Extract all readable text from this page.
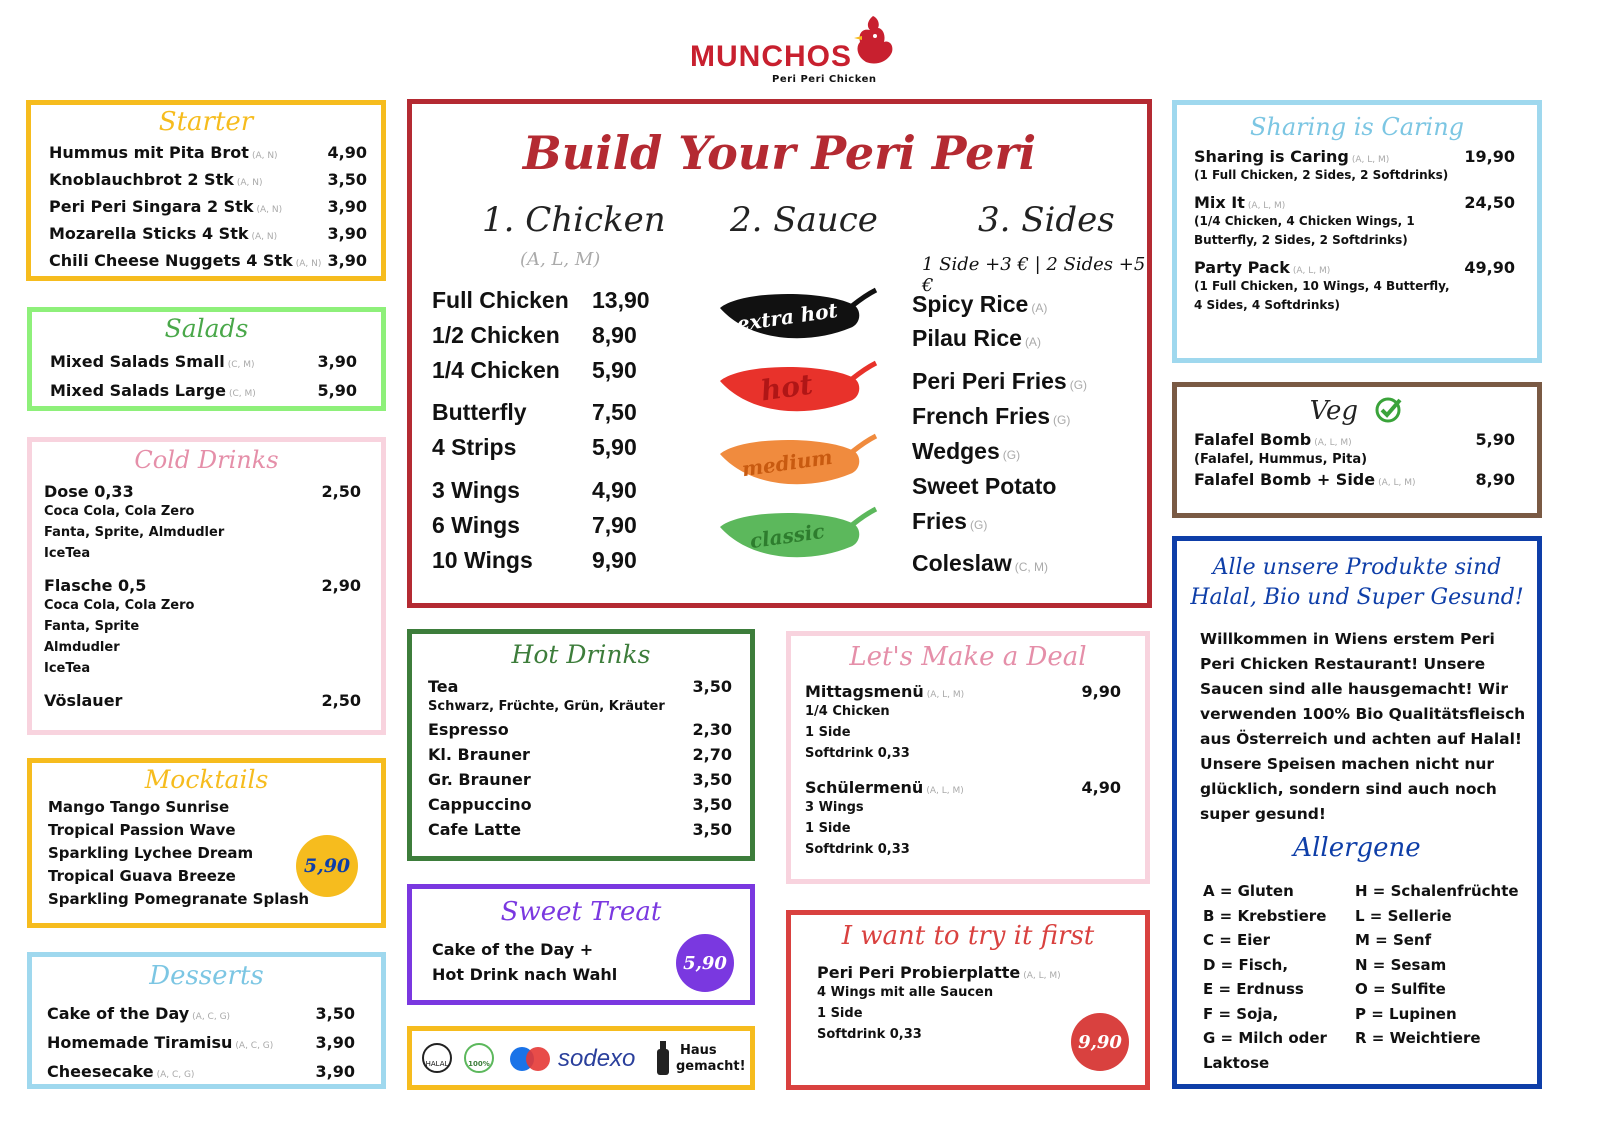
MUNCHOS
Peri Peri Chicken
Starter
Hummus mit Pita Brot (A, N)	4,90
Knoblauchbrot 2 Stk (A, N)	3,50
Peri Peri Singara 2 Stk (A, N)	3,90
Mozarella Sticks 4 Stk (A, N)	3,90
Chili Cheese Nuggets 4 Stk (A, N) 3,90
Salads
Mixed Salads Small (C, M)	3,90
Mixed Salads Large (C, M)	5,90
Cold Drinks
Dose 0,33	2,50
Coca Cola, Cola Zero
Fanta, Sprite, Almdudler
IceTea
Flasche 0,5	2,90
Coca Cola, Cola Zero
Fanta, Sprite
Almdudler
IceTea
Vöslauer	2,50
Mocktails
Mango Tango Sunrise
Tropical Passion Wave
Sparkling Lychee Dream
Tropical Guava Breeze
Sparkling Pomegranate Splash
5,90
Desserts
Cake of the Day (A, C, G)	3,50
Homemade Tiramisu (A, C, G)	3,90
Cheesecake (A, C, G)	3,90
Build Your Peri Peri
1. Chicken
(A, L, M)
Full Chicken 13,90
1/2 Chicken 8,90
1/4 Chicken 5,90
Butterfly	7,50
4 Strips	5,90
3 Wings	4,90
6 Wings	7,90
10 Wings	9,90
2. Sauce
extra hot
hot
medium
classic
3. Sides
1 Side +3 € | 2 Sides +5 €
Spicy Rice (A)
Pilau Rice (A)
Peri Peri Fries (G)
French Fries (G)
Wedges (G)
Sweet Potato
Fries (G)
Coleslaw (C, M)
Hot Drinks
Tea	3,50
Schwarz, Früchte, Grün, Kräuter
Espresso	2,30
Kl. Brauner	2,70
Gr. Brauner	3,50
Cappuccino	3,50
Cafe Latte	3,50
Sweet Treat
Cake of the Day +
Hot Drink nach Wahl
5,90
HALAL	100%	sodexo	Haus
gemacht!
Let's Make a Deal
Mittagsmenü (A, L, M)	9,90
1/4 Chicken
1 Side
Softdrink 0,33
Schülermenü (A, L, M)	4,90
3 Wings
1 Side
Softdrink 0,33
I want to try it first
Peri Peri Probierplatte (A, L, M)
4 Wings mit alle Saucen
1 Side
Softdrink 0,33	9,90
Sharing is Caring
Sharing is Caring (A, L, M)	19,90
(1 Full Chicken, 2 Sides, 2 Softdrinks)
Mix It (A, L, M)	24,50
(1/4 Chicken, 4 Chicken Wings, 1
Butterfly, 2 Sides, 2 Softdrinks)
Party Pack (A, L, M)	49,90
(1 Full Chicken, 10 Wings, 4 Butterfly,
4 Sides, 4 Softdrinks)
Veg
Falafel Bomb (A, L, M)	5,90
(Falafel, Hummus, Pita)
Falafel Bomb + Side (A, L, M)	8,90
Alle unsere Produkte sind
Halal, Bio und Super Gesund!
Willkommen in Wiens erstem Peri
Peri Chicken Restaurant! Unsere
Saucen sind alle hausgemacht! Wir
verwenden 100% Bio Qualitätsfleisch
aus Österreich und achten auf Halal!
Unsere Speisen machen nicht nur
glücklich, sondern sind auch noch
super gesund!
Allergene
A = Gluten
B = Krebstiere
C = Eier
D = Fisch,
E = Erdnuss
F = Soja,
G = Milch oder
Laktose
H = Schalenfrüchte
L = Sellerie
M = Senf
N = Sesam
O = Sulfite
P = Lupinen
R = Weichtiere
